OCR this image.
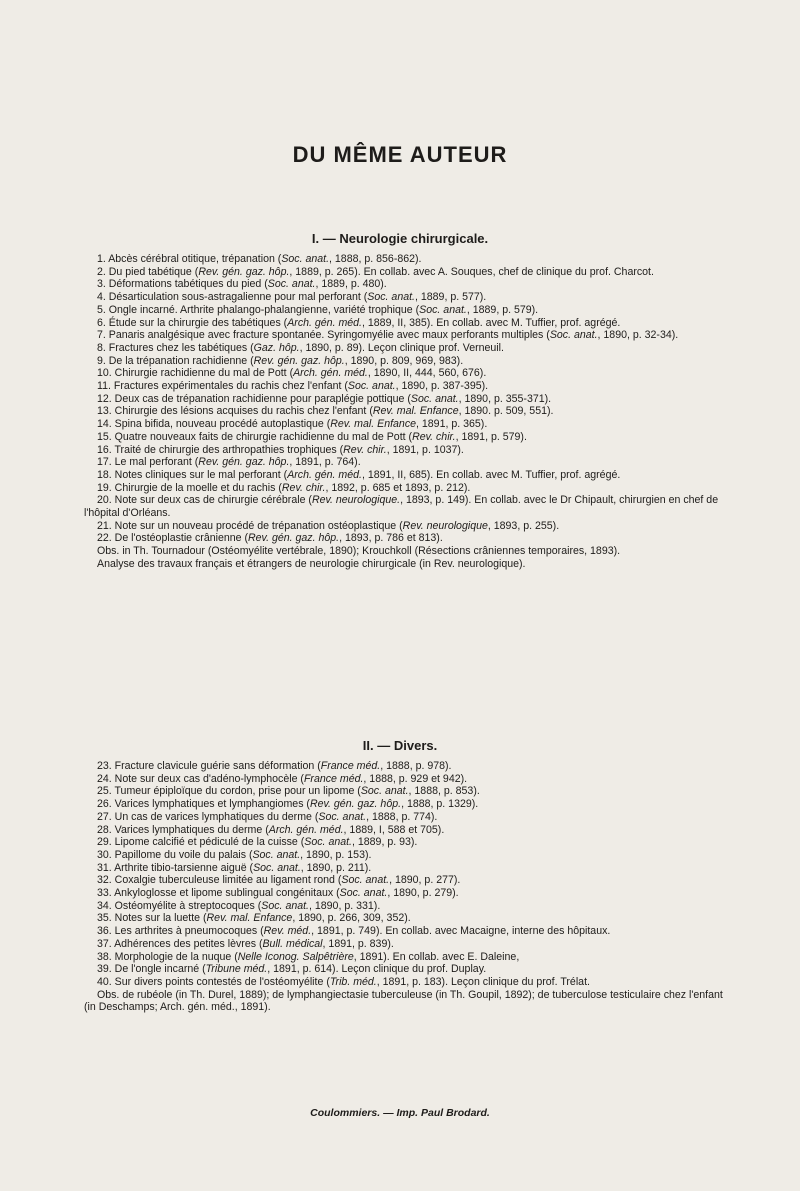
DU MÊME AUTEUR
I. — Neurologie chirurgicale.

1. Abcès cérébral otitique, trépanation (Soc. anat., 1888, p. 856-862).

2. Du pied tabétique (Rev. gén. gaz. hôp., 1889, p. 265). En collab. avec A. Souques, chef de clinique du prof. Charcot.

3. Déformations tabétiques du pied (Soc. anat., 1889, p. 480).

4. Désarticulation sous-astragalienne pour mal perforant (Soc. anat., 1889, p. 577).

5. Ongle incarné. Arthrite phalango-phalangienne, variété trophique (Soc. anat., 1889, p. 579).

6. Étude sur la chirurgie des tabétiques (Arch. gén. méd., 1889, II, 385). En collab. avec M. Tuffier, prof. agrégé.

7. Panaris analgésique avec fracture spontanée. Syringomyélie avec maux perforants multiples (Soc. anat., 1890, p. 32-34).

8. Fractures chez les tabétiques (Gaz. hôp., 1890, p. 89). Leçon clinique prof. Verneuil.

9. De la trépanation rachidienne (Rev. gén. gaz. hôp., 1890, p. 809, 969, 983).

10. Chirurgie rachidienne du mal de Pott (Arch. gén. méd., 1890, II, 444, 560, 676).

11. Fractures expérimentales du rachis chez l'enfant (Soc. anat., 1890, p. 387-395).

12. Deux cas de trépanation rachidienne pour paraplégie pottique (Soc. anat., 1890, p. 355-371).

13. Chirurgie des lésions acquises du rachis chez l'enfant (Rev. mal. Enfance, 1890. p. 509, 551).

14. Spina bifida, nouveau procédé autoplastique (Rev. mal. Enfance, 1891, p. 365).

15. Quatre nouveaux faits de chirurgie rachidienne du mal de Pott (Rev. chir., 1891, p. 579).

16. Traité de chirurgie des arthropathies trophiques (Rev. chir., 1891, p. 1037).

17. Le mal perforant (Rev. gén. gaz. hôp., 1891, p. 764).

18. Notes cliniques sur le mal perforant (Arch. gén. méd., 1891, II, 685). En collab. avec M. Tuffier, prof. agrégé.

19. Chirurgie de la moelle et du rachis (Rev. chir., 1892, p. 685 et 1893, p. 212).

20. Note sur deux cas de chirurgie cérébrale (Rev. neurologique., 1893, p. 149). En collab. avec le Dr Chipault, chirurgien en chef de l'hôpital d'Orléans.

21. Note sur un nouveau procédé de trépanation ostéoplastique (Rev. neurologique, 1893, p. 255).

22. De l'ostéoplastie crânienne (Rev. gén. gaz. hôp., 1893, p. 786 et 813).

Obs. in Th. Tournadour (Ostéomyélite vertébrale, 1890); Krouchkoll (Résections crâniennes temporaires, 1893).

Analyse des travaux français et étrangers de neurologie chirurgicale (in Rev. neurologique).

II. — Divers.

23. Fracture clavicule guérie sans déformation (France méd., 1888, p. 978).

24. Note sur deux cas d'adéno-lymphocèle (France méd., 1888, p. 929 et 942).

25. Tumeur épiploïque du cordon, prise pour un lipome (Soc. anat., 1888, p. 853).

26. Varices lymphatiques et lymphangiomes (Rev. gén. gaz. hôp., 1888, p. 1329).

27. Un cas de varices lymphatiques du derme (Soc. anat., 1888, p. 774).

28. Varices lymphatiques du derme (Arch. gén. méd., 1889, I, 588 et 705).

29. Lipome calcifié et pédiculé de la cuisse (Soc. anat., 1889, p. 93).

30. Papillome du voile du palais (Soc. anat., 1890, p. 153).

31. Arthrite tibio-tarsienne aiguë (Soc. anat., 1890, p. 211).

32. Coxalgie tuberculeuse limitée au ligament rond (Soc. anat., 1890, p. 277).

33. Ankyloglosse et lipome sublingual congénitaux (Soc. anat., 1890, p. 279).

34. Ostéomyélite à streptocoques (Soc. anat., 1890, p. 331).

35. Notes sur la luette (Rev. mal. Enfance, 1890, p. 266, 309, 352).

36. Les arthrites à pneumocoques (Rev. méd., 1891, p. 749). En collab. avec Macaigne, interne des hôpitaux.

37. Adhérences des petites lèvres (Bull. médical, 1891, p. 839).

38. Morphologie de la nuque (Nelle Iconog. Salpêtrière, 1891). En collab. avec E. Daleine,

39. De l'ongle incarné (Tribune méd., 1891, p. 614). Leçon clinique du prof. Duplay.

40. Sur divers points contestés de l'ostéomyélite (Trib. méd., 1891, p. 183). Leçon clinique du prof. Trélat.

Obs. de rubéole (in Th. Durel, 1889); de lymphangiectasie tuberculeuse (in Th. Goupil, 1892); de tuberculose testiculaire chez l'enfant (in Deschamps; Arch. gén. méd., 1891).

Coulommiers. — Imp. Paul Brodard.
